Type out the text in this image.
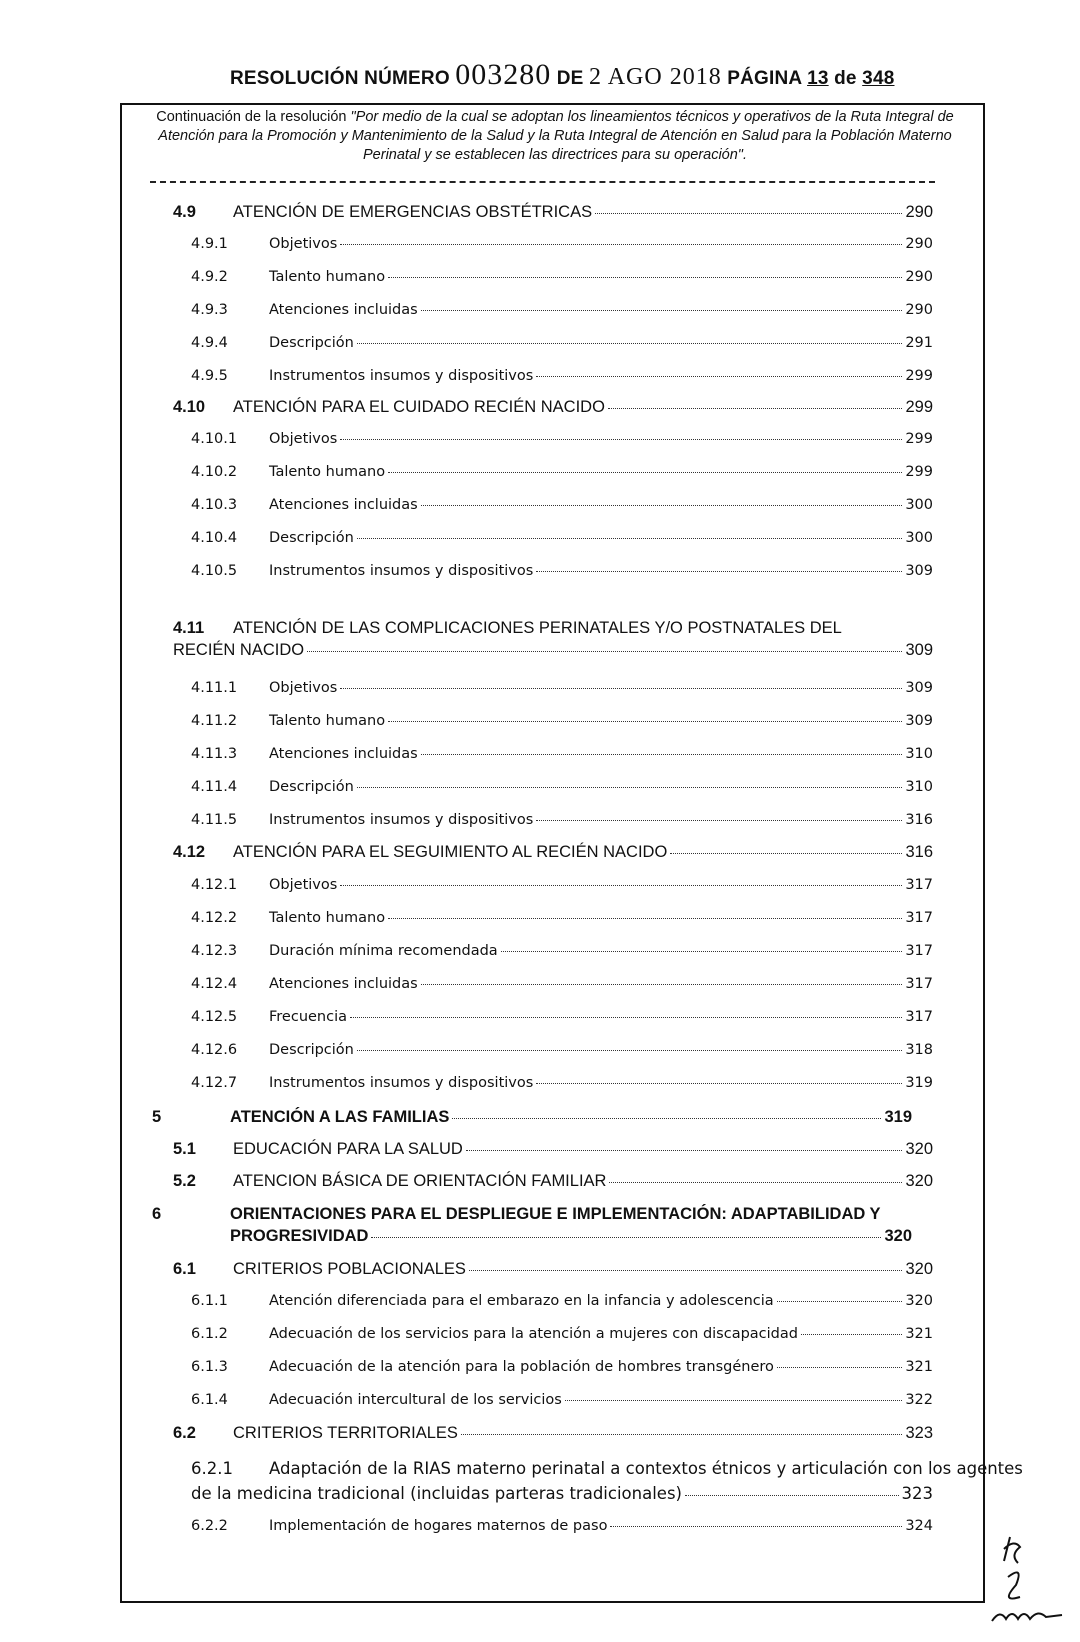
RESOLUCIÓN NÚMERO 003280 DE 2 AGO 2018 PÁGINA 13 de 348
Continuación de la resolución "Por medio de la cual se adoptan los lineamientos técnicos y operativos de la Ruta Integral de Atención para la Promoción y Mantenimiento de la Salud y la Ruta Integral de Atención en Salud para la Población Materno Perinatal y se establecen las directrices para su operación".
4.9	ATENCIÓN DE EMERGENCIAS OBSTÉTRICAS	290
4.9.1	Objetivos	290
4.9.2	Talento humano	290
4.9.3	Atenciones incluidas	290
4.9.4	Descripción	291
4.9.5	Instrumentos insumos y dispositivos	299
4.10	ATENCIÓN PARA EL CUIDADO RECIÉN NACIDO	299
4.10.1	Objetivos	299
4.10.2	Talento humano	299
4.10.3	Atenciones incluidas	300
4.10.4	Descripción	300
4.10.5	Instrumentos insumos y dispositivos	309
4.11 ATENCIÓN DE LAS COMPLICACIONES PERINATALES Y/O POSTNATALES DEL
RECIÉN NACIDO	309
4.11.1	Objetivos	309
4.11.2	Talento humano	309
4.11.3	Atenciones incluidas	310
4.11.4	Descripción	310
4.11.5	Instrumentos insumos y dispositivos	316
4.12	ATENCIÓN PARA EL SEGUIMIENTO AL RECIÉN NACIDO	316
4.12.1	Objetivos	317
4.12.2	Talento humano	317
4.12.3	Duración mínima recomendada	317
4.12.4	Atenciones incluidas	317
4.12.5	Frecuencia	317
4.12.6	Descripción	318
4.12.7	Instrumentos insumos y dispositivos	319
5	ATENCIÓN A LAS FAMILIAS	319
5.1	EDUCACIÓN PARA LA SALUD	320
5.2	ATENCION BÁSICA DE ORIENTACIÓN FAMILIAR	320
6	ORIENTACIONES PARA EL DESPLIEGUE E IMPLEMENTACIÓN: ADAPTABILIDAD Y
PROGRESIVIDAD	320
6.1	CRITERIOS POBLACIONALES	320
6.1.1	Atención diferenciada para el embarazo en la infancia y adolescencia	320
6.1.2	Adecuación de los servicios para la atención a mujeres con discapacidad	321
6.1.3	Adecuación de la atención para la población de hombres transgénero	321
6.1.4	Adecuación intercultural de los servicios	322
6.2	CRITERIOS TERRITORIALES	323
6.2.1 Adaptación de la RIAS materno perinatal a contextos étnicos y articulación con los agentes
de la medicina tradicional (incluidas parteras tradicionales)	323
6.2.2	Implementación de hogares maternos de paso	324
